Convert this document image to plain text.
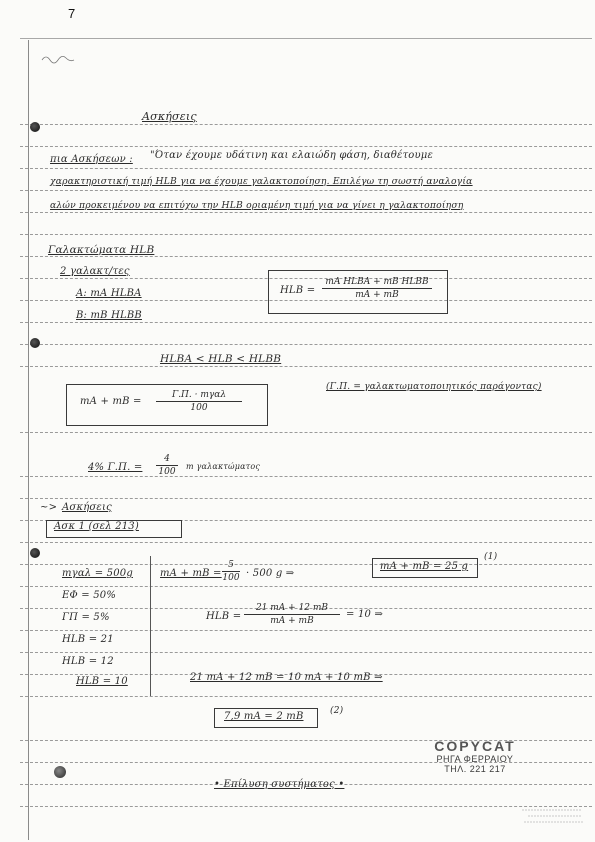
7
Ασκήσεις
πια Ασκήσεων : "Όταν έχουμε υδάτινη και ελαιώδη φάση, διαθέτουμε
χαρακτηριστική τιμή HLB για να έχουμε γαλακτοποίηση. Επιλέγω τη σωστή αναλογία
αλών προκειμένου να επιτύχω την HLB οριαμένη τιμή για να γίνει η γαλακτοποίηση
Γαλακτώματα HLB
2 γαλακτ/τες
A: mA HLBA
B: mB HLBB
HLB =
mA HLBA + mB HLBB
mA + mB
HLBA < HLB < HLBB
mA + mB =
Γ.Π. · mγαλ
100
(Γ.Π. = γαλακτωματοποιητικός παράγοντας)
4% Γ.Π. =
4
100
m γαλακτώματος
~> Ασκήσεις
Ασκ 1 (σελ 213)
mγαλ = 500g
ΕΦ = 50%
ΓΠ = 5%
HLB = 21
HLB = 12
HLB = 10
mA + mB =
5
100 · 500 g ⇒
mA + mB = 25 g
(1)
HLB =
21 mA + 12 mB
mA + mB
= 10 ⇒
21 mA + 12 mB = 10 mA + 10 mB ⇒
7,9 mA = 2 mB	(2)
• Επίλυση συστήματος •
COPYCAT
ΡΗΓΑ ΦΕΡΡΑΙΟΥ
ΤΗΛ. 221 217
